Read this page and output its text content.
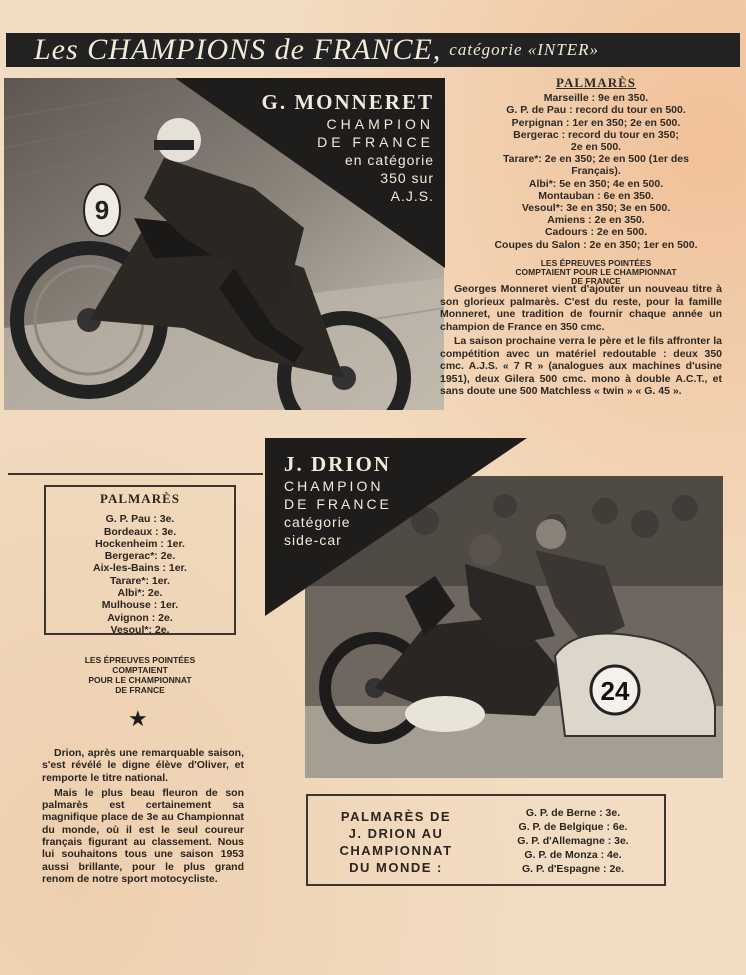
Les CHAMPIONS de FRANCE, catégorie «INTER»
9
G. MONNERET
CHAMPION
DE FRANCE
en catégorie
350 sur
A.J.S.
PALMARÈS
Marseille : 9e en 350.
G. P. de Pau : record du tour en 500.
Perpignan : 1er en 350; 2e en 500.
Bergerac : record du tour en 350;
2e en 500.
Tarare*: 2e en 350; 2e en 500 (1er des
Français).
Albi*: 5e en 350; 4e en 500.
Montauban : 6e en 350.
Vesoul*: 3e en 350; 3e en 500.
Amiens : 2e en 350.
Cadours : 2e en 500.
Coupes du Salon : 2e en 350; 1er en 500.
LES ÉPREUVES POINTÉES
COMPTAIENT POUR LE CHAMPIONNAT
DE FRANCE

Georges Monneret vient d'ajouter un nouveau titre à son glorieux palmarès. C'est du reste, pour la famille Monneret, une tradition de fournir chaque année un champion de France en 350 cmc.

La saison prochaine verra le père et le fils affronter la compétition avec un matériel redoutable : deux 350 cmc. A.J.S. « 7 R » (analogues aux machines d'usine 1951), deux Gilera 500 cmc. mono à double A.C.T., et sans doute une 500 Matchless « twin » « G. 45 ».

24
J. DRION
CHAMPION
DE FRANCE
catégorie
side-car
PALMARÈS
G. P. Pau : 3e.
Bordeaux : 3e.
Hockenheim : 1er.
Bergerac*: 2e.
Aix-les-Bains : 1er.
Tarare*: 1er.
Albi*: 2e.
Mulhouse : 1er.
Avignon : 2e.
Vesoul*: 2e.
LES ÉPREUVES POINTÉES
COMPTAIENT
POUR LE CHAMPIONNAT
DE FRANCE
★

Drion, après une remarquable saison, s'est révélé le digne élève d'Oliver, et remporte le titre national.

Mais le plus beau fleuron de son palmarès est certainement sa magnifique place de 3e au Championnat du monde, où il est le seul coureur français figurant au classement. Nous lui souhaitons tous une saison 1953 aussi brillante, pour le plus grand renom de notre sport motocycliste.

PALMARÈS DE
J. DRION AU
CHAMPIONNAT
DU MONDE :
G. P. de Berne : 3e.
G. P. de Belgique : 6e.
G. P. d'Allemagne : 3e.
G. P. de Monza : 4e.
G. P. d'Espagne : 2e.
